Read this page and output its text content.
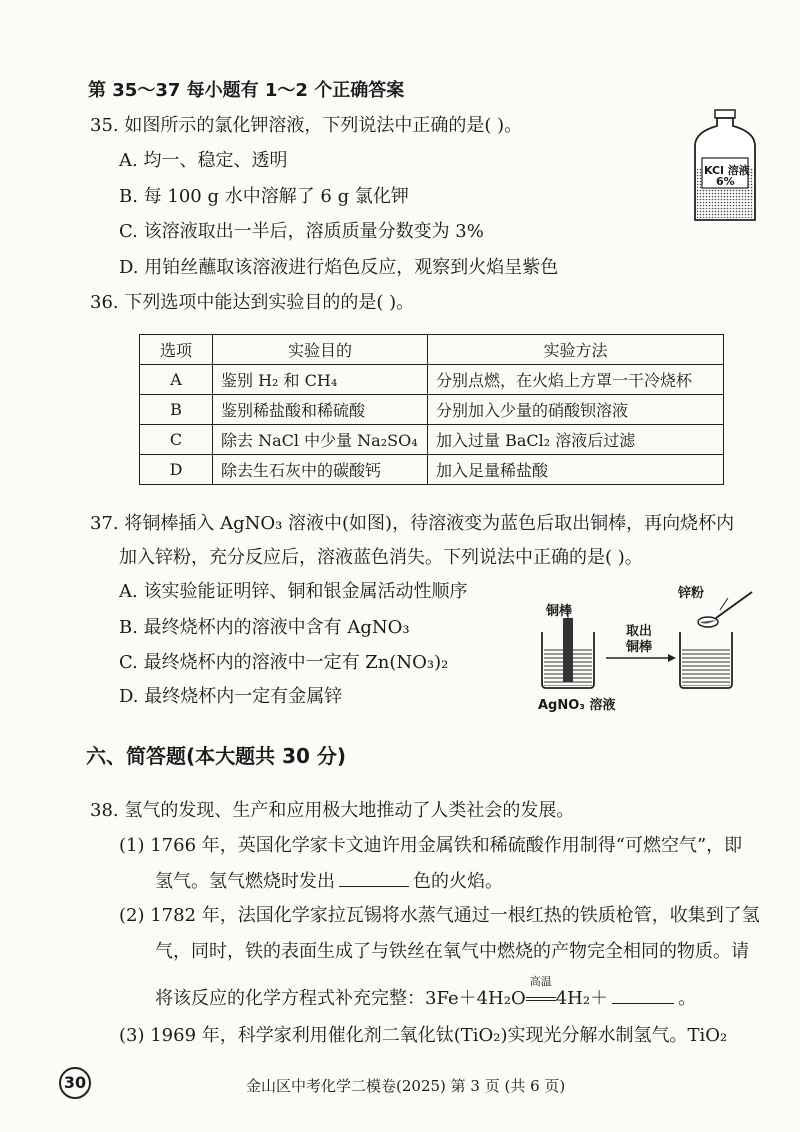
第 35～37 每小题有 1～2 个正确答案
35. 如图所示的氯化钾溶液，下列说法中正确的是( )。
A. 均一、稳定、透明
B. 每 100 g 水中溶解了 6 g 氯化钾
C. 该溶液取出一半后，溶质质量分数变为 3%
D. 用铂丝蘸取该溶液进行焰色反应，观察到火焰呈紫色
KCl 溶液
6%
36. 下列选项中能达到实验目的的是( )。
选项	实验目的	实验方法
A	鉴别 H₂ 和 CH₄	分别点燃，在火焰上方罩一干冷烧杯
B	鉴别稀盐酸和稀硫酸	分别加入少量的硝酸钡溶液
C	除去 NaCl 中少量 Na₂SO₄	加入过量 BaCl₂ 溶液后过滤
D	除去生石灰中的碳酸钙	加入足量稀盐酸
37. 将铜棒插入 AgNO₃ 溶液中(如图)，待溶液变为蓝色后取出铜棒，再向烧杯内
加入锌粉，充分反应后，溶液蓝色消失。下列说法中正确的是( )。
A. 该实验能证明锌、铜和银金属活动性顺序
B. 最终烧杯内的溶液中含有 AgNO₃
C. 最终烧杯内的溶液中一定有 Zn(NO₃)₂
D. 最终烧杯内一定有金属锌
铜棒
取出
铜棒
锌粉
AgNO₃ 溶液
六、简答题(本大题共 30 分)
38. 氢气的发现、生产和应用极大地推动了人类社会的发展。
(1) 1766 年，英国化学家卡文迪许用金属铁和稀硫酸作用制得“可燃空气”，即
氢气。氢气燃烧时发出	色的火焰。
(2) 1782 年，法国化学家拉瓦锡将水蒸气通过一根红热的铁质枪管，收集到了氢
气，同时，铁的表面生成了与铁丝在氧气中燃烧的产物完全相同的物质。请
将该反应的化学方程式补充完整：3Fe＋4H₂O
高温
4H₂＋	。
(3) 1969 年，科学家利用催化剂二氧化钛(TiO₂)实现光分解水制氢气。TiO₂
30	金山区中考化学二模卷(2025) 第 3 页 (共 6 页)
